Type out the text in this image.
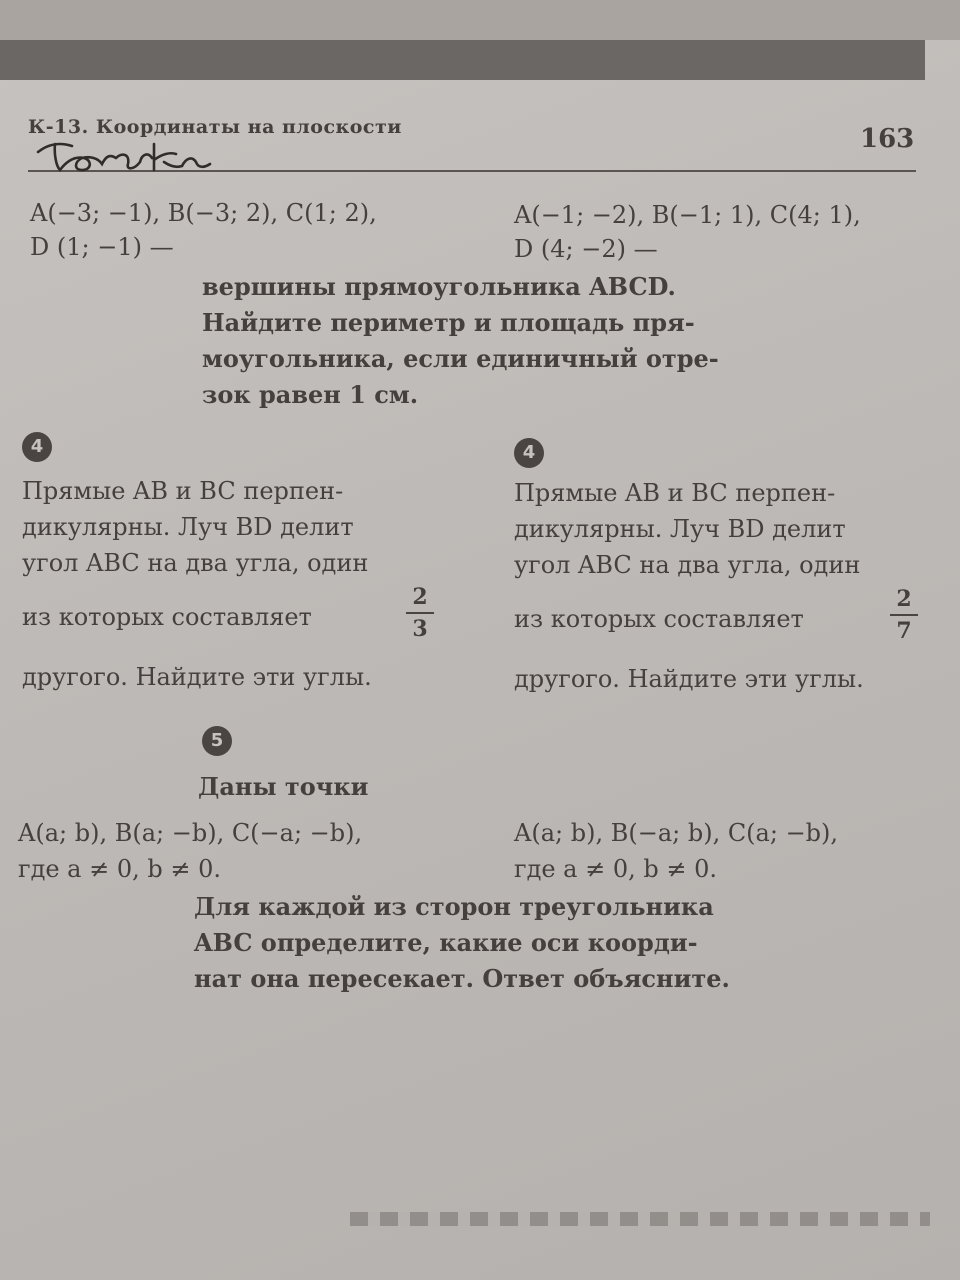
К-13. Координаты на плоскости	163
A(−3; −1), B(−3; 2), C(1; 2),
D (1; −1) —
A(−1; −2), B(−1; 1), C(4; 1),
D (4; −2) —
вершины прямоугольника ABCD.
Найдите периметр и площадь пря-
моугольника, если единичный отре-
зок равен 1 см.
4	4
Прямые AB и BC перпен-
дикулярны. Луч BD делит
угол ABC на два угла, один
из которых составляет
2
3
другого. Найдите эти углы.
Прямые AB и BC перпен-
дикулярны. Луч BD делит
угол ABC на два угла, один
из которых составляет
2
7
другого. Найдите эти углы.
5
Даны точки
A(a; b), B(a; −b), C(−a; −b),
где a ≠ 0, b ≠ 0.
A(a; b), B(−a; b), C(a; −b),
где a ≠ 0, b ≠ 0.
Для каждой из сторон треугольника
ABC определите, какие оси коорди-
нат она пересекает. Ответ объясните.
